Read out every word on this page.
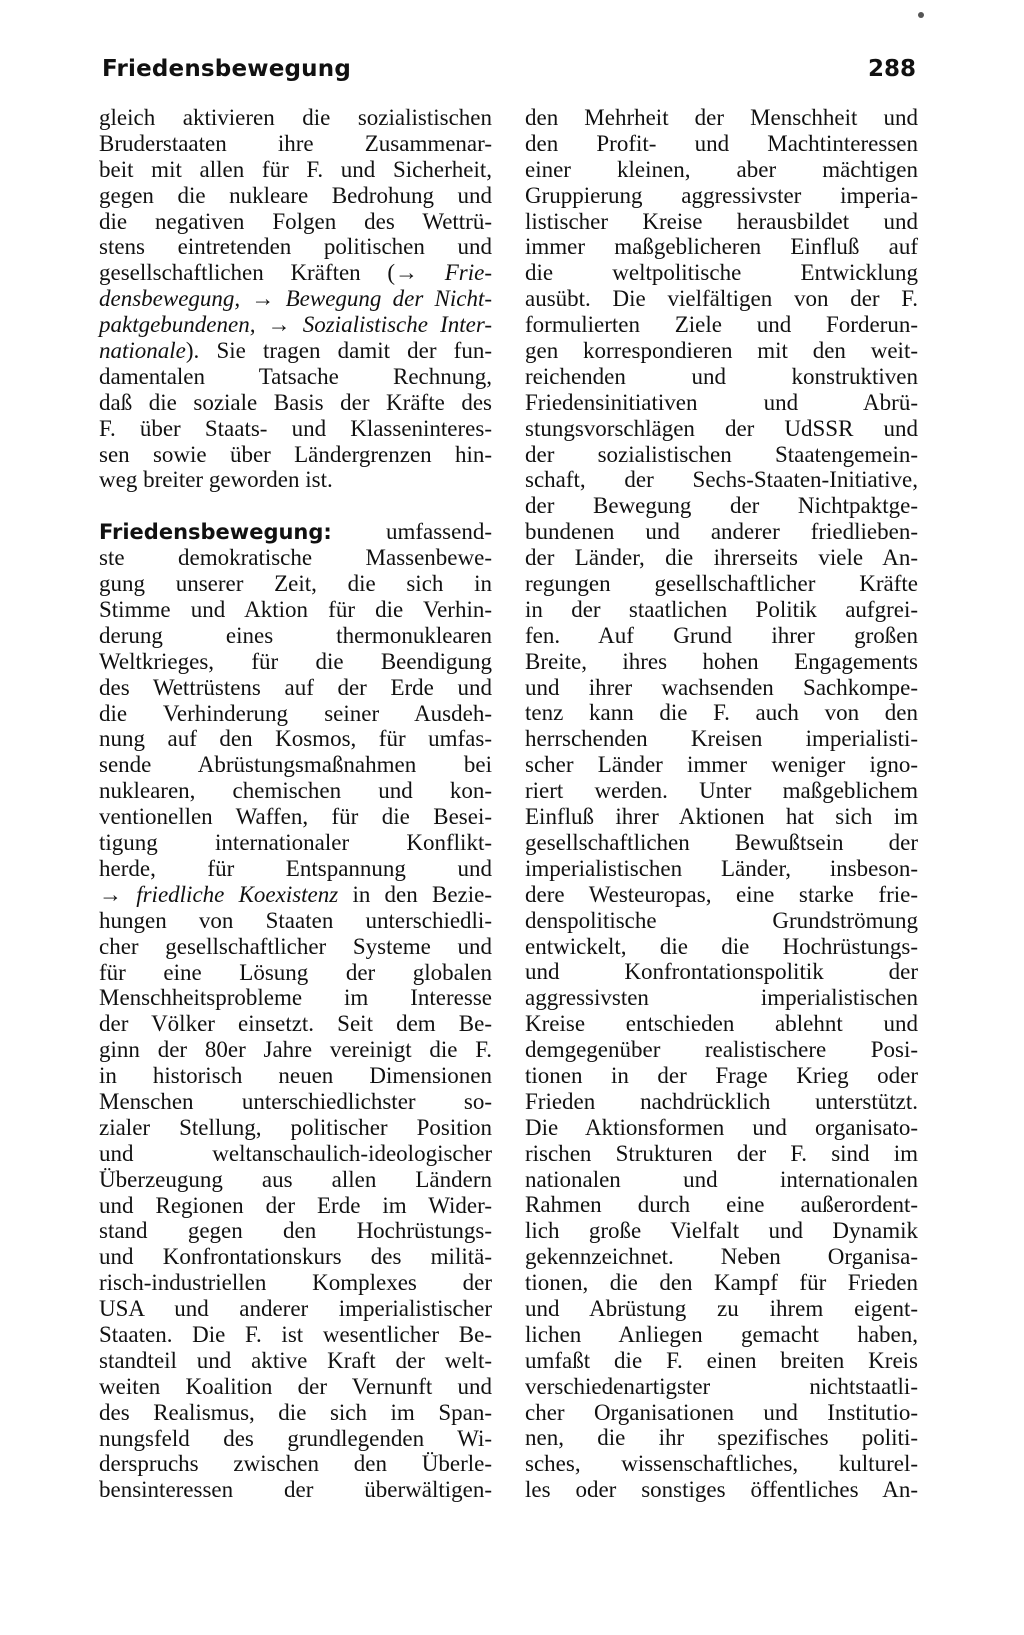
Friedensbewegung	288
gleich aktivieren die sozialistischen
Bruderstaaten ihre Zusammenar-
beit mit allen für F. und Sicherheit,
gegen die nukleare Bedrohung und
die negativen Folgen des Wettrü-
stens eintretenden politischen und
gesellschaftlichen Kräften (→ Frie-
densbewegung, → Bewegung der Nicht-
paktgebundenen, → Sozialistische Inter-
nationale). Sie tragen damit der fun-
damentalen Tatsache Rechnung,
daß die soziale Basis der Kräfte des
F. über Staats- und Klasseninteres-
sen sowie über Ländergrenzen hin-
weg breiter geworden ist.
Friedensbewegung: umfassend-
ste demokratische Massenbewe-
gung unserer Zeit, die sich in
Stimme und Aktion für die Verhin-
derung eines thermonuklearen
Weltkrieges, für die Beendigung
des Wettrüstens auf der Erde und
die Verhinderung seiner Ausdeh-
nung auf den Kosmos, für umfas-
sende Abrüstungsmaßnahmen bei
nuklearen, chemischen und kon-
ventionellen Waffen, für die Besei-
tigung internationaler Konflikt-
herde, für Entspannung und
→ friedliche Koexistenz in den Bezie-
hungen von Staaten unterschiedli-
cher gesellschaftlicher Systeme und
für eine Lösung der globalen
Menschheitsprobleme im Interesse
der Völker einsetzt. Seit dem Be-
ginn der 80er Jahre vereinigt die F.
in historisch neuen Dimensionen
Menschen unterschiedlichster so-
zialer Stellung, politischer Position
und weltanschaulich-ideologischer
Überzeugung aus allen Ländern
und Regionen der Erde im Wider-
stand gegen den Hochrüstungs-
und Konfrontationskurs des militä-
risch-industriellen Komplexes der
USA und anderer imperialistischer
Staaten. Die F. ist wesentlicher Be-
standteil und aktive Kraft der welt-
weiten Koalition der Vernunft und
des Realismus, die sich im Span-
nungsfeld des grundlegenden Wi-
derspruchs zwischen den Überle-
bensinteressen der überwältigen-
den Mehrheit der Menschheit und
den Profit- und Machtinteressen
einer kleinen, aber mächtigen
Gruppierung aggressivster imperia-
listischer Kreise herausbildet und
immer maßgeblicheren Einfluß auf
die weltpolitische Entwicklung
ausübt. Die vielfältigen von der F.
formulierten Ziele und Forderun-
gen korrespondieren mit den weit-
reichenden und konstruktiven
Friedensinitiativen und Abrü-
stungsvorschlägen der UdSSR und
der sozialistischen Staatengemein-
schaft, der Sechs-Staaten-Initiative,
der Bewegung der Nichtpaktge-
bundenen und anderer friedlieben-
der Länder, die ihrerseits viele An-
regungen gesellschaftlicher Kräfte
in der staatlichen Politik aufgrei-
fen. Auf Grund ihrer großen
Breite, ihres hohen Engagements
und ihrer wachsenden Sachkompe-
tenz kann die F. auch von den
herrschenden Kreisen imperialisti-
scher Länder immer weniger igno-
riert werden. Unter maßgeblichem
Einfluß ihrer Aktionen hat sich im
gesellschaftlichen Bewußtsein der
imperialistischen Länder, insbeson-
dere Westeuropas, eine starke frie-
denspolitische Grundströmung
entwickelt, die die Hochrüstungs-
und Konfrontationspolitik der
aggressivsten imperialistischen
Kreise entschieden ablehnt und
demgegenüber realistischere Posi-
tionen in der Frage Krieg oder
Frieden nachdrücklich unterstützt.
Die Aktionsformen und organisato-
rischen Strukturen der F. sind im
nationalen und internationalen
Rahmen durch eine außerordent-
lich große Vielfalt und Dynamik
gekennzeichnet. Neben Organisa-
tionen, die den Kampf für Frieden
und Abrüstung zu ihrem eigent-
lichen Anliegen gemacht haben,
umfaßt die F. einen breiten Kreis
verschiedenartigster nichtstaatli-
cher Organisationen und Institutio-
nen, die ihr spezifisches politi-
sches, wissenschaftliches, kulturel-
les oder sonstiges öffentliches An-
